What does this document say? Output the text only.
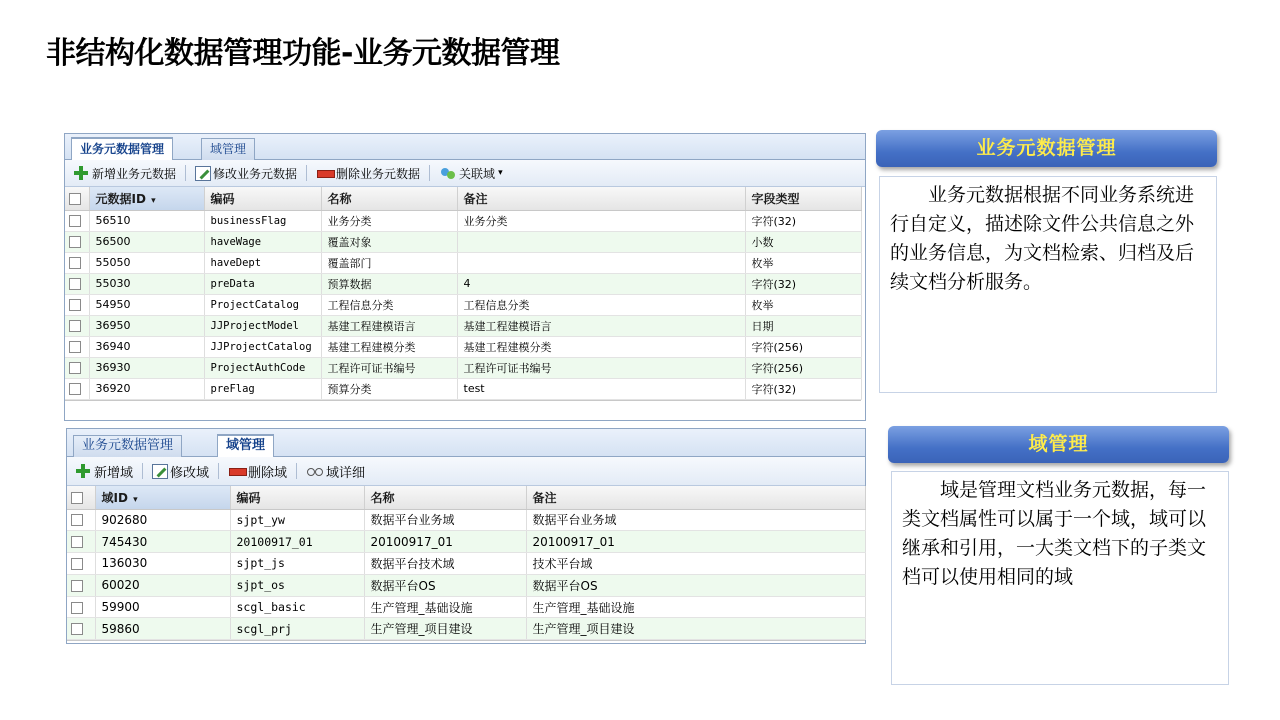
非结构化数据管理功能-业务元数据管理
业务元数据管理	域管理
新增业务元数据	修改业务元数据	删除业务元数据	关联域 ▾
	元数据ID ▾	编码	名称	备注	字段类型
	56510	businessFlag	业务分类	业务分类	字符(32)
	56500	haveWage	覆盖对象		小数
	55050	haveDept	覆盖部门		枚举
	55030	preData	预算数据	4	字符(32)
	54950	ProjectCatalog	工程信息分类	工程信息分类	枚举
	36950	JJProjectModel	基建工程建模语言	基建工程建模语言	日期
	36940	JJProjectCatalog	基建工程建模分类	基建工程建模分类	字符(256)
	36930	ProjectAuthCode	工程许可证书编号	工程许可证书编号	字符(256)
	36920	preFlag	预算分类	test	字符(32)
业务元数据管理	域管理
新增域	修改域	删除域	域详细
	域ID ▾	编码	名称	备注
	902680	sjpt_yw	数据平台业务域	数据平台业务域
	745430	20100917_01	20100917_01	20100917_01
	136030	sjpt_js	数据平台技术域	技术平台域
	60020	sjpt_os	数据平台OS	数据平台OS
	59900	scgl_basic	生产管理_基础设施	生产管理_基础设施
	59860	scgl_prj	生产管理_项目建设	生产管理_项目建设
业务元数据管理
业务元数据根据不同业务系统进行自定义，描述除文件公共信息之外的业务信息，为文档检索、归档及后续文档分析服务。
域管理
域是管理文档业务元数据，每一类文档属性可以属于一个域，域可以继承和引用，一大类文档下的子类文档可以使用相同的域
